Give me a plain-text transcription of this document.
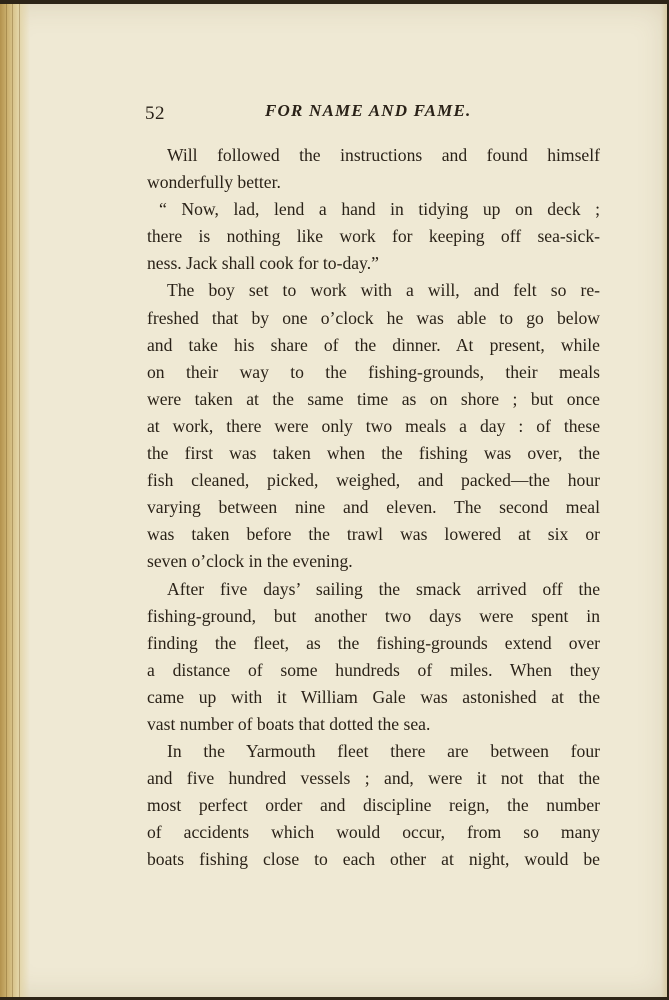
52	FOR NAME AND FAME.
Will followed the instructions and found himself
wonderfully better.
“ Now, lad, lend a hand in tidying up on deck ;
there is nothing like work for keeping off sea-sick-
ness. Jack shall cook for to-day.”
The boy set to work with a will, and felt so re-
freshed that by one o’clock he was able to go below
and take his share of the dinner. At present, while
on their way to the fishing-grounds, their meals
were taken at the same time as on shore ; but once
at work, there were only two meals a day : of these
the first was taken when the fishing was over, the
fish cleaned, picked, weighed, and packed—the hour
varying between nine and eleven. The second meal
was taken before the trawl was lowered at six or
seven o’clock in the evening.
After five days’ sailing the smack arrived off the
fishing-ground, but another two days were spent in
finding the fleet, as the fishing-grounds extend over
a distance of some hundreds of miles. When they
came up with it William Gale was astonished at the
vast number of boats that dotted the sea.
In the Yarmouth fleet there are between four
and five hundred vessels ; and, were it not that the
most perfect order and discipline reign, the number
of accidents which would occur, from so many
boats fishing close to each other at night, would be
